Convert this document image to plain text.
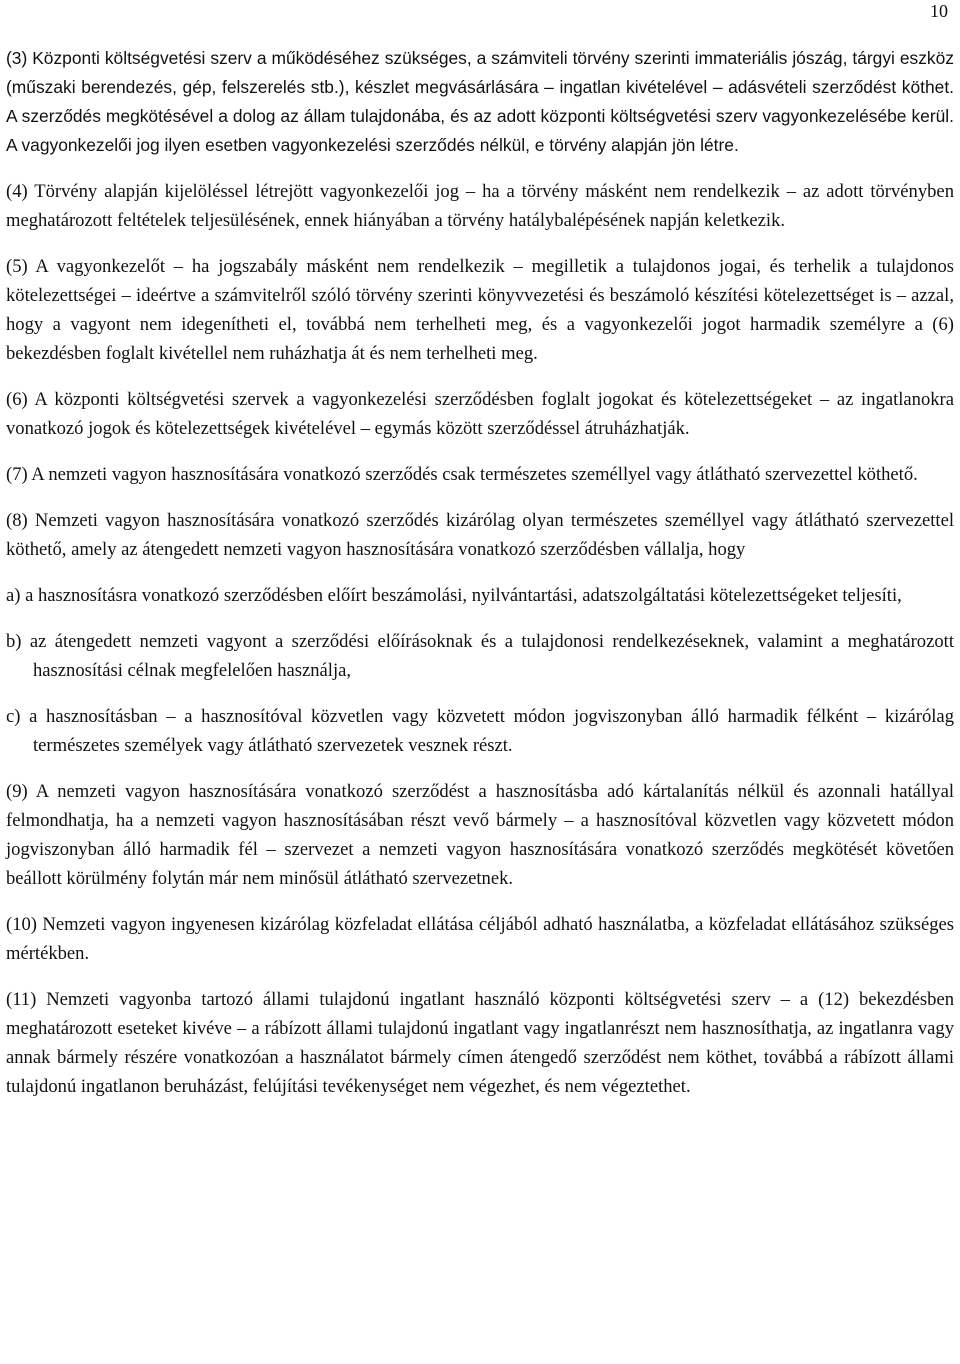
10

(3) Központi költségvetési szerv a működéséhez szükséges, a számviteli törvény szerinti immateriális jószág, tárgyi eszköz (műszaki berendezés, gép, felszerelés stb.), készlet megvásárlására – ingatlan kivételével – adásvételi szerződést köthet. A szerződés megkötésével a dolog az állam tulajdonába, és az adott központi költségvetési szerv vagyonkezelésébe kerül. A vagyonkezelői jog ilyen esetben vagyonkezelési szerződés nélkül, e törvény alapján jön létre.

(4) Törvény alapján kijelöléssel létrejött vagyonkezelői jog – ha a törvény másként nem rendelkezik – az adott törvényben meghatározott feltételek teljesülésének, ennek hiányában a törvény hatálybalépésének napján keletkezik.

(5) A vagyonkezelőt – ha jogszabály másként nem rendelkezik – megilletik a tulajdonos jogai, és terhelik a tulajdonos kötelezettségei – ideértve a számvitelről szóló törvény szerinti könyvvezetési és beszámoló készítési kötelezettséget is – azzal, hogy a vagyont nem idegenítheti el, továbbá nem terhelheti meg, és a vagyonkezelői jogot harmadik személyre a (6) bekezdésben foglalt kivétellel nem ruházhatja át és nem terhelheti meg.

(6) A központi költségvetési szervek a vagyonkezelési szerződésben foglalt jogokat és kötelezettségeket – az ingatlanokra vonatkozó jogok és kötelezettségek kivételével – egymás között szerződéssel átruházhatják.

(7) A nemzeti vagyon hasznosítására vonatkozó szerződés csak természetes személlyel vagy átlátható szervezettel köthető.

(8) Nemzeti vagyon hasznosítására vonatkozó szerződés kizárólag olyan természetes személlyel vagy átlátható szervezettel köthető, amely az átengedett nemzeti vagyon hasznosítására vonatkozó szerződésben vállalja, hogy

a) a hasznosításra vonatkozó szerződésben előírt beszámolási, nyilvántartási, adatszolgáltatási kötelezettségeket teljesíti,

b) az átengedett nemzeti vagyont a szerződési előírásoknak és a tulajdonosi rendelkezéseknek, valamint a meghatározott hasznosítási célnak megfelelően használja,

c) a hasznosításban – a hasznosítóval közvetlen vagy közvetett módon jogviszonyban álló harmadik félként – kizárólag természetes személyek vagy átlátható szervezetek vesznek részt.

(9) A nemzeti vagyon hasznosítására vonatkozó szerződést a hasznosításba adó kártalanítás nélkül és azonnali hatállyal felmondhatja, ha a nemzeti vagyon hasznosításában részt vevő bármely – a hasznosítóval közvetlen vagy közvetett módon jogviszonyban álló harmadik fél – szervezet a nemzeti vagyon hasznosítására vonatkozó szerződés megkötését követően beállott körülmény folytán már nem minősül átlátható szervezetnek.

(10) Nemzeti vagyon ingyenesen kizárólag közfeladat ellátása céljából adható használatba, a közfeladat ellátásához szükséges mértékben.

(11) Nemzeti vagyonba tartozó állami tulajdonú ingatlant használó központi költségvetési szerv – a (12) bekezdésben meghatározott eseteket kivéve – a rábízott állami tulajdonú ingatlant vagy ingatlanrészt nem hasznosíthatja, az ingatlanra vagy annak bármely részére vonatkozóan a használatot bármely címen átengedő szerződést nem köthet, továbbá a rábízott állami tulajdonú ingatlanon beruházást, felújítási tevékenységet nem végezhet, és nem végeztethet.
